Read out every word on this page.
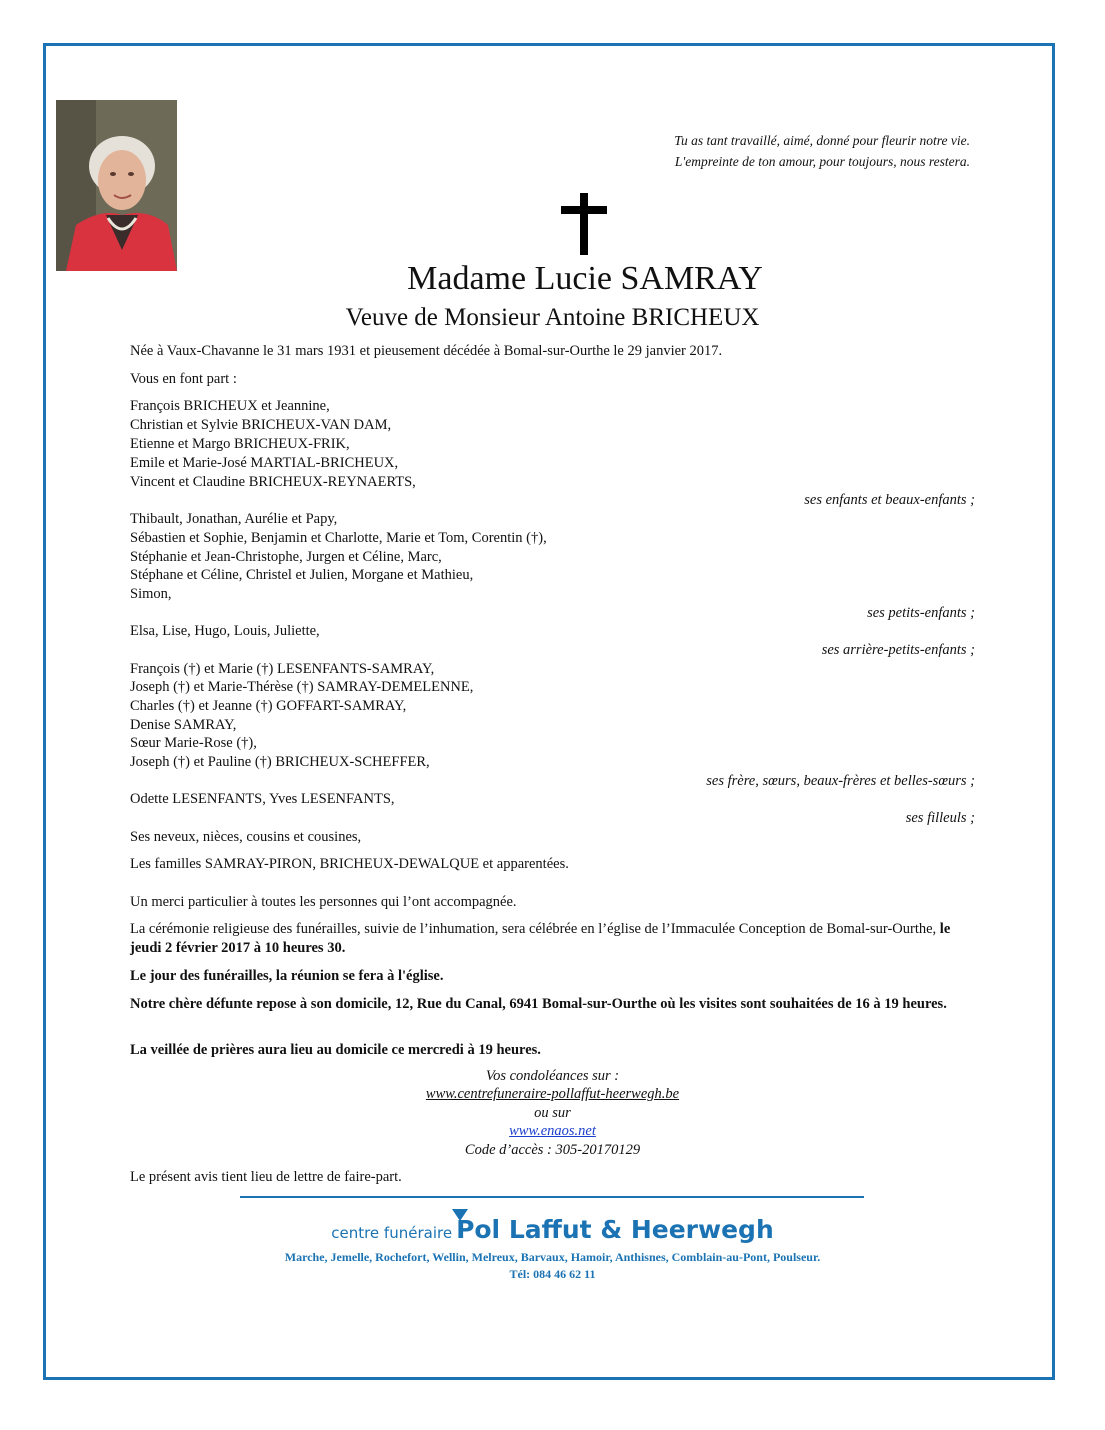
Tu as tant travaillé, aimé, donné pour fleurir notre vie.
L'empreinte de ton amour, pour toujours, nous restera.
Madame Lucie SAMRAY
Veuve de Monsieur Antoine BRICHEUX
Née à Vaux-Chavanne le 31 mars 1931 et pieusement décédée à Bomal-sur-Ourthe le 29 janvier 2017.
Vous en font part :
François BRICHEUX et Jeannine,
Christian et Sylvie BRICHEUX-VAN DAM,
Etienne et Margo BRICHEUX-FRIK,
Emile et Marie-José MARTIAL-BRICHEUX,
Vincent et Claudine BRICHEUX-REYNAERTS,
ses enfants et beaux-enfants ;
Thibault, Jonathan, Aurélie et Papy,
Sébastien et Sophie, Benjamin et Charlotte, Marie et Tom, Corentin (†),
Stéphanie et Jean-Christophe, Jurgen et Céline, Marc,
Stéphane et Céline, Christel et Julien, Morgane et Mathieu,
Simon,
ses petits-enfants ;
Elsa, Lise, Hugo, Louis, Juliette,
ses arrière-petits-enfants ;
François (†) et Marie (†) LESENFANTS-SAMRAY,
Joseph (†) et Marie-Thérèse (†) SAMRAY-DEMELENNE,
Charles (†) et Jeanne (†) GOFFART-SAMRAY,
Denise SAMRAY,
Sœur Marie-Rose (†),
Joseph (†) et Pauline (†) BRICHEUX-SCHEFFER,
ses frère, sœurs, beaux-frères et belles-sœurs ;
Odette LESENFANTS, Yves LESENFANTS,
ses filleuls ;
Ses neveux, nièces, cousins et cousines,
Les familles SAMRAY-PIRON, BRICHEUX-DEWALQUE et apparentées.
Un merci particulier à toutes les personnes qui l’ont accompagnée.
La cérémonie religieuse des funérailles, suivie de l’inhumation, sera célébrée en l’église de l’Immaculée Conception de Bomal-sur-Ourthe, le jeudi 2 février 2017 à 10 heures 30.
Le jour des funérailles, la réunion se fera à l'église.
Notre chère défunte repose à son domicile, 12, Rue du Canal, 6941 Bomal-sur-Ourthe où les visites sont souhaitées de 16 à 19 heures.
La veillée de prières aura lieu au domicile ce mercredi à 19 heures.
Vos condoléances sur :
www.centrefuneraire-pollaffut-heerwegh.be
ou sur
www.enaos.net
Code d’accès : 305-20170129
Le présent avis tient lieu de lettre de faire-part.
centre funéraire Pol Laffut & Heerwegh
Marche, Jemelle, Rochefort, Wellin, Melreux, Barvaux, Hamoir, Anthisnes, Comblain-au-Pont, Poulseur.
Tél: 084 46 62 11
